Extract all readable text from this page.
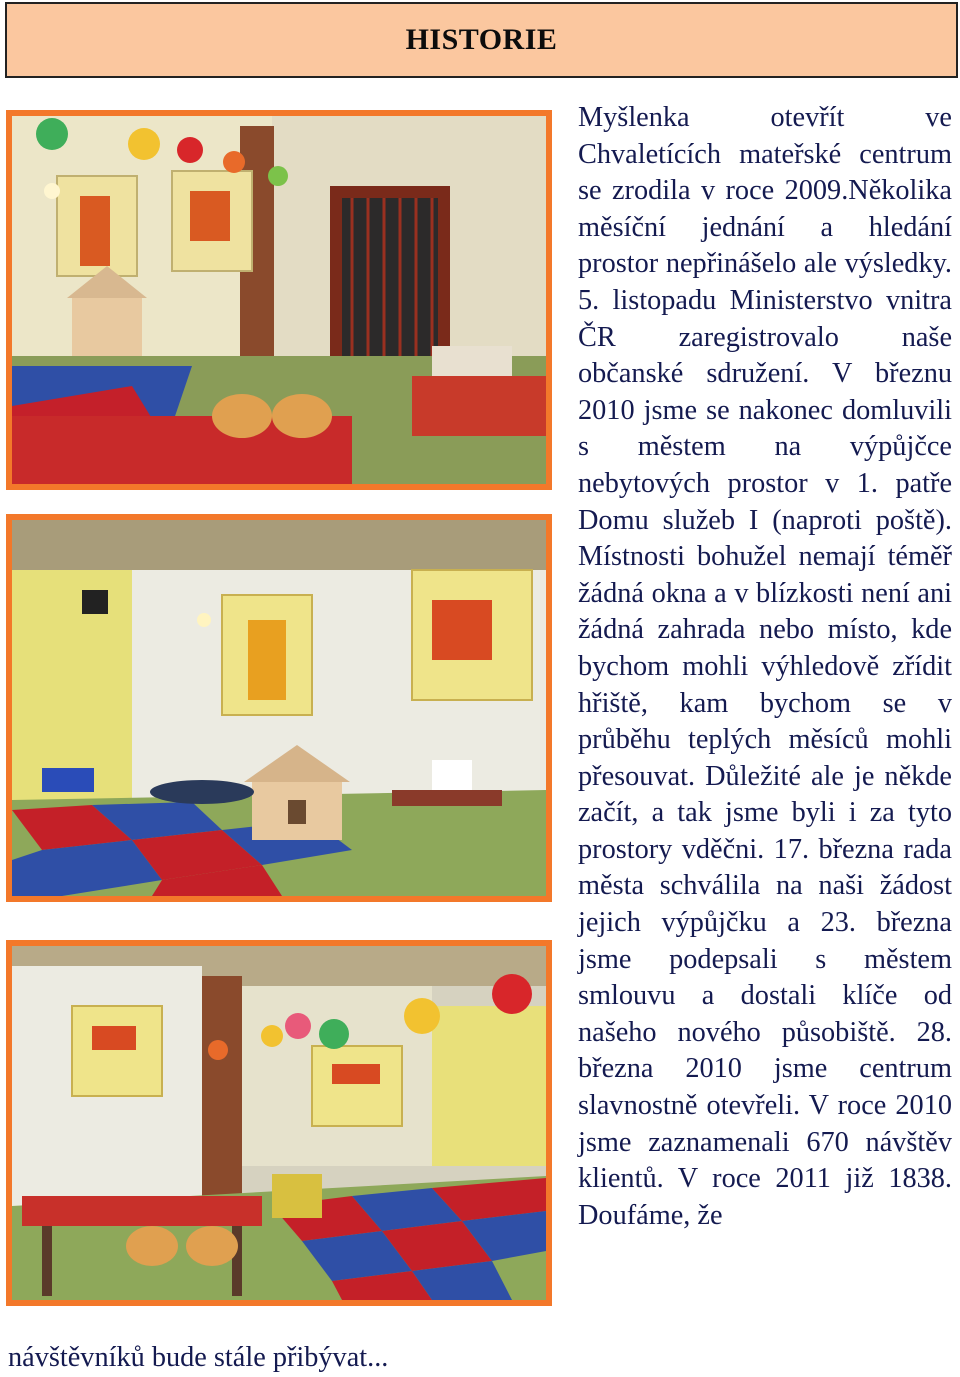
HISTORIE

Myšlenka otevřít ve Chvaletících mateřské centrum se zrodila v roce 2009.Několika měsíční jednání a hledání prostor nepřinášelo ale výsledky. 5. listopadu Ministerstvo vnitra ČR zaregistrovalo naše občanské sdružení. V březnu 2010 jsme se nakonec domluvili s městem na výpůjčce nebytových prostor v 1. patře Domu služeb I (naproti poště). Místnosti bohužel nemají téměř žádná okna a v blízkosti není ani žádná zahrada nebo místo, kde bychom mohli výhledově zřídit hřiště, kam bychom se v průběhu teplých měsíců mohli přesouvat. Důležité ale je někde začít, a tak jsme byli i za tyto prostory vděčni. 17. března rada města schválila na naši žádost jejich výpůjčku a 23. března jsme podepsali s městem smlouvu a dostali klíče od našeho nového působiště. 28. března 2010 jsme centrum slavnostně otevřeli. V roce 2010 jsme zaznamenali 670 návštěv klientů. V roce 2011 již 1838. Doufáme, že

návštěvníků bude stále přibývat...
